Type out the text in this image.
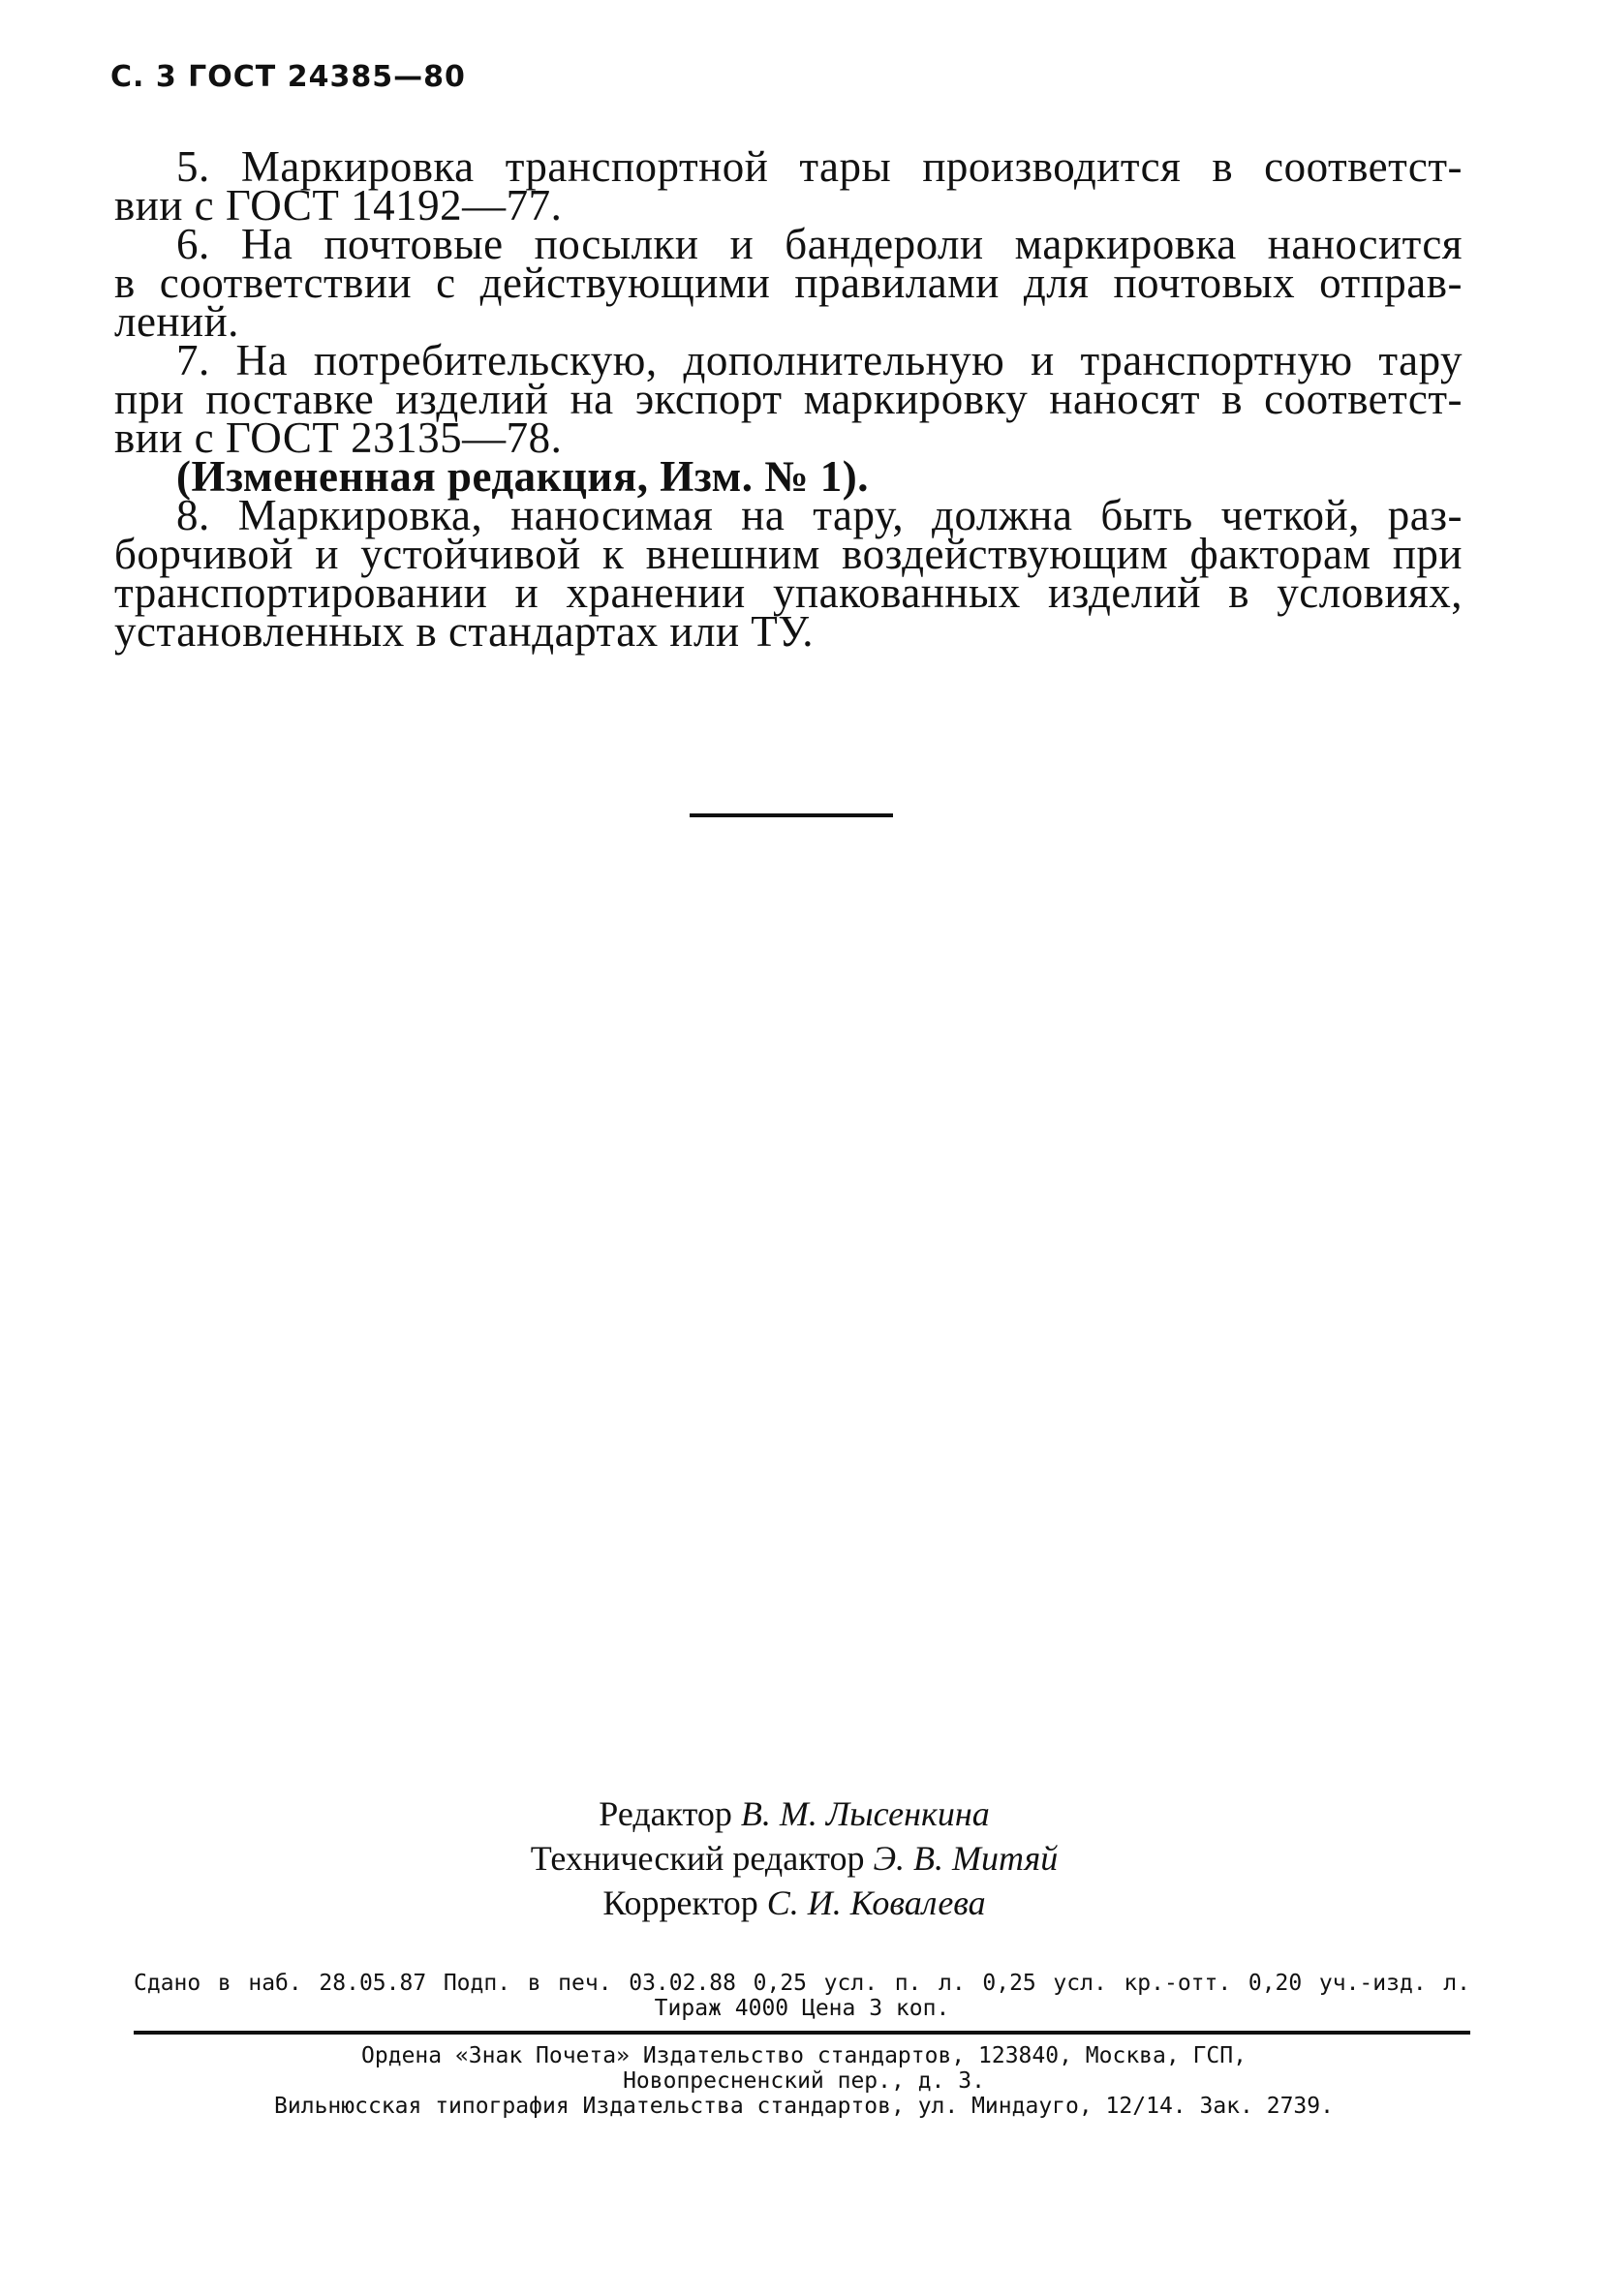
С. 3 ГОСТ 24385—80
5. Маркировка транспортной тары производится в соответст-
вии с ГОСТ 14192—77.
6. На почтовые посылки и бандероли маркировка наносится
в соответствии с действующими правилами для почтовых отправ-
лений.
7. На потребительскую, дополнительную и транспортную тару
при поставке изделий на экспорт маркировку наносят в соответст-
вии с ГОСТ 23135—78.
(Измененная редакция, Изм. № 1).
8. Маркировка, наносимая на тару, должна быть четкой, раз-
борчивой и устойчивой к внешним воздействующим факторам при
транспортировании и хранении упакованных изделий в условиях,
установленных в стандартах или ТУ.
Редактор В. М. Лысенкина
Технический редактор Э. В. Митяй
Корректор С. И. Ковалева
Сдано в наб. 28.05.87 Подп. в печ. 03.02.88 0,25 усл. п. л. 0,25 усл. кр.-отт. 0,20 уч.-изд. л.
Тираж 4000 Цена 3 коп.
Ордена «Знак Почета» Издательство стандартов, 123840, Москва, ГСП,
Новопресненский пер., д. 3.
Вильнюсская типография Издательства стандартов, ул. Миндауго, 12/14. Зак. 2739.
